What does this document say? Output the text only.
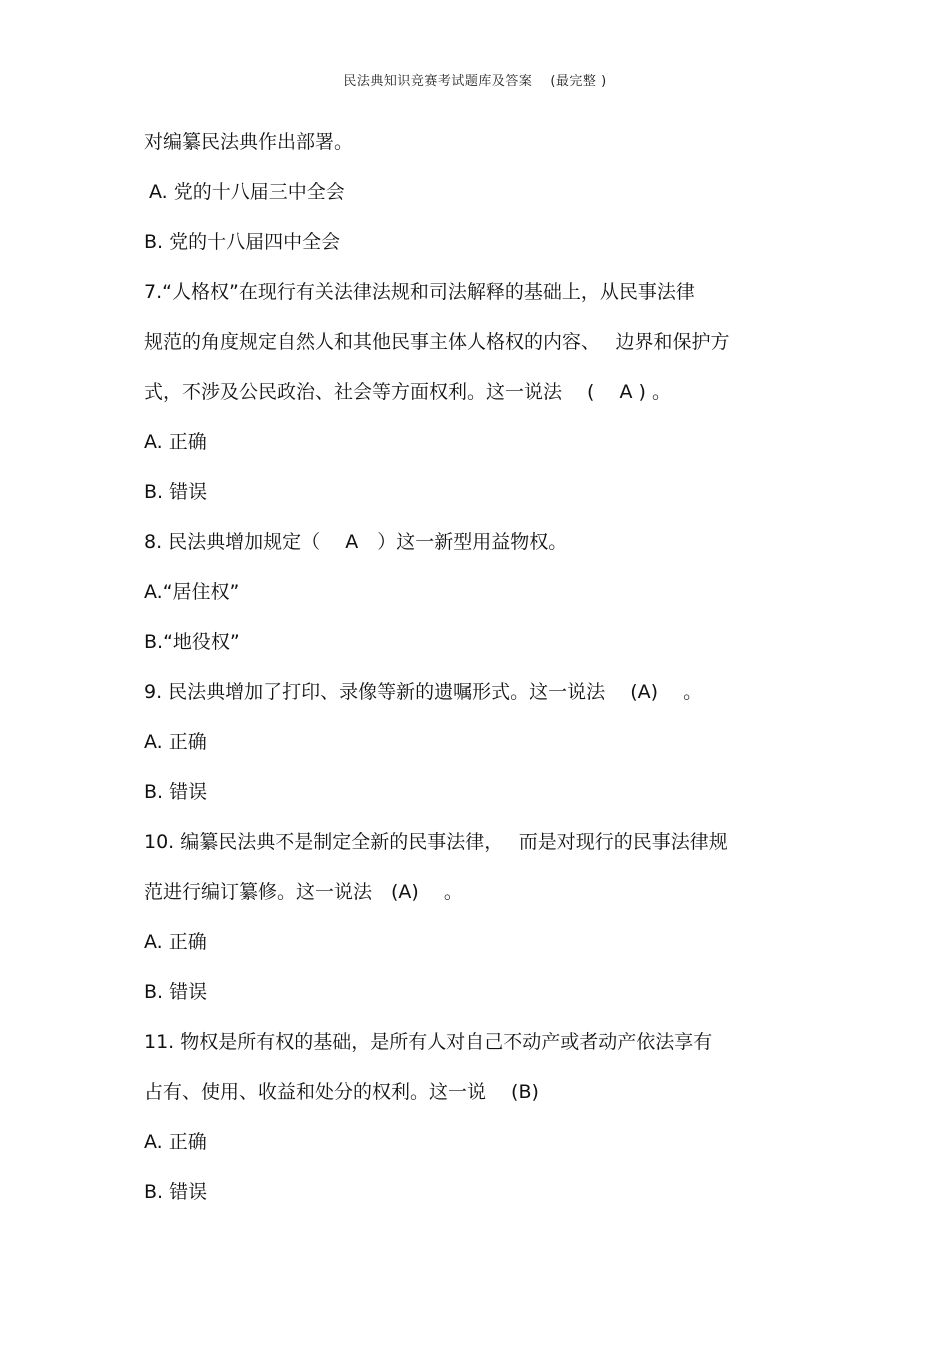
民法典知识竞赛考试题库及答案 (最完整 )
对编纂民法典作出部署。
A. 党的十八届三中全会
B. 党的十八届四中全会
7.“人格权”在现行有关法律法规和司法解释的基础上，从民事法律
规范的角度规定自然人和其他民事主体人格权的内容、　 边界和保护方
式，不涉及公民政治、社会等方面权利。这一说法　 (　 A ) 。
A. 正确
B. 错误
8. 民法典增加规定（　 A　）这一新型用益物权。
A.“居住权”
B.“地役权”
9. 民法典增加了打印、录像等新的遗嘱形式。这一说法　 (A) 　。
A. 正确
B. 错误
10. 编纂民法典不是制定全新的民事法律，　 而是对现行的民事法律规
范进行编订纂修。这一说法　(A) 　。
A. 正确
B. 错误
11. 物权是所有权的基础，是所有人对自己不动产或者动产依法享有
占有、使用、收益和处分的权利。这一说　 (B)
A. 正确
B. 错误
